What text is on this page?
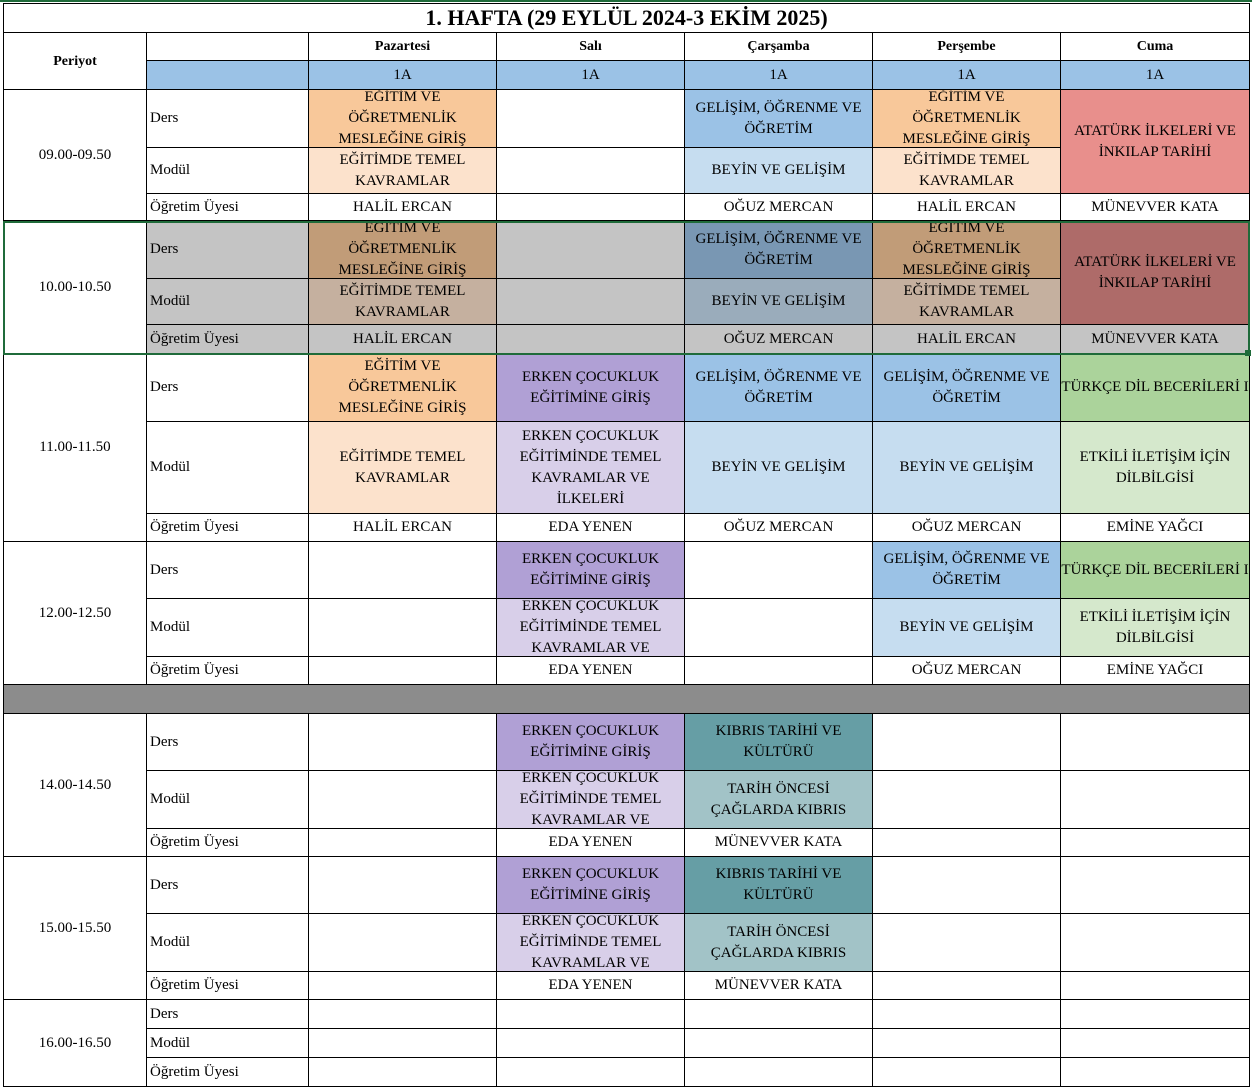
1. HAFTA (29 EYLÜL 2024-3 EKİM 2025)
Periyot
Pazartesi
1A
Salı
1A
Çarşamba
1A
Perşembe
1A
Cuma
1A
09.00-09.50
Ders
Modül
Öğretim Üyesi
EĞİTİM VE ÖĞRETMENLİK MESLEĞİNE GİRİŞ
EĞİTİMDE TEMEL KAVRAMLAR
HALİL ERCAN
GELİŞİM, ÖĞRENME VE ÖĞRETİM
BEYİN VE GELİŞİM
OĞUZ MERCAN
EĞİTİM VE ÖĞRETMENLİK MESLEĞİNE GİRİŞ
EĞİTİMDE TEMEL KAVRAMLAR
HALİL ERCAN
ATATÜRK İLKELERİ VE İNKILAP TARİHİ
MÜNEVVER KATA
10.00-10.50
Ders
Modül
Öğretim Üyesi
EĞİTİM VE ÖĞRETMENLİK MESLEĞİNE GİRİŞ
EĞİTİMDE TEMEL KAVRAMLAR
HALİL ERCAN
GELİŞİM, ÖĞRENME VE ÖĞRETİM
BEYİN VE GELİŞİM
OĞUZ MERCAN
EĞİTİM VE ÖĞRETMENLİK MESLEĞİNE GİRİŞ
EĞİTİMDE TEMEL KAVRAMLAR
HALİL ERCAN
ATATÜRK İLKELERİ VE İNKILAP TARİHİ
MÜNEVVER KATA
11.00-11.50
Ders
Modül
Öğretim Üyesi
EĞİTİM VE ÖĞRETMENLİK MESLEĞİNE GİRİŞ
EĞİTİMDE TEMEL KAVRAMLAR
HALİL ERCAN
ERKEN ÇOCUKLUK EĞİTİMİNE GİRİŞ
ERKEN ÇOCUKLUK EĞİTİMİNDE TEMEL KAVRAMLAR VE İLKELERİ
EDA YENEN
GELİŞİM, ÖĞRENME VE ÖĞRETİM
BEYİN VE GELİŞİM
OĞUZ MERCAN
GELİŞİM, ÖĞRENME VE ÖĞRETİM
BEYİN VE GELİŞİM
OĞUZ MERCAN
TÜRKÇE DİL BECERİLERİ I
ETKİLİ İLETİŞİM İÇİN DİLBİLGİSİ
EMİNE YAĞCI
12.00-12.50
Ders
Modül
Öğretim Üyesi
ERKEN ÇOCUKLUK EĞİTİMİNE GİRİŞ
ERKEN ÇOCUKLUK EĞİTİMİNDE TEMEL KAVRAMLAR VE
EDA YENEN
GELİŞİM, ÖĞRENME VE ÖĞRETİM
BEYİN VE GELİŞİM
OĞUZ MERCAN
TÜRKÇE DİL BECERİLERİ I
ETKİLİ İLETİŞİM İÇİN DİLBİLGİSİ
EMİNE YAĞCI
14.00-14.50
Ders
Modül
Öğretim Üyesi
ERKEN ÇOCUKLUK EĞİTİMİNE GİRİŞ
ERKEN ÇOCUKLUK EĞİTİMİNDE TEMEL KAVRAMLAR VE
EDA YENEN
KIBRIS TARİHİ VE KÜLTÜRÜ
TARİH ÖNCESİ ÇAĞLARDA KIBRIS
MÜNEVVER KATA
15.00-15.50
Ders
Modül
Öğretim Üyesi
ERKEN ÇOCUKLUK EĞİTİMİNE GİRİŞ
ERKEN ÇOCUKLUK EĞİTİMİNDE TEMEL KAVRAMLAR VE
EDA YENEN
KIBRIS TARİHİ VE KÜLTÜRÜ
TARİH ÖNCESİ ÇAĞLARDA KIBRIS
MÜNEVVER KATA
16.00-16.50
Ders
Modül
Öğretim Üyesi
